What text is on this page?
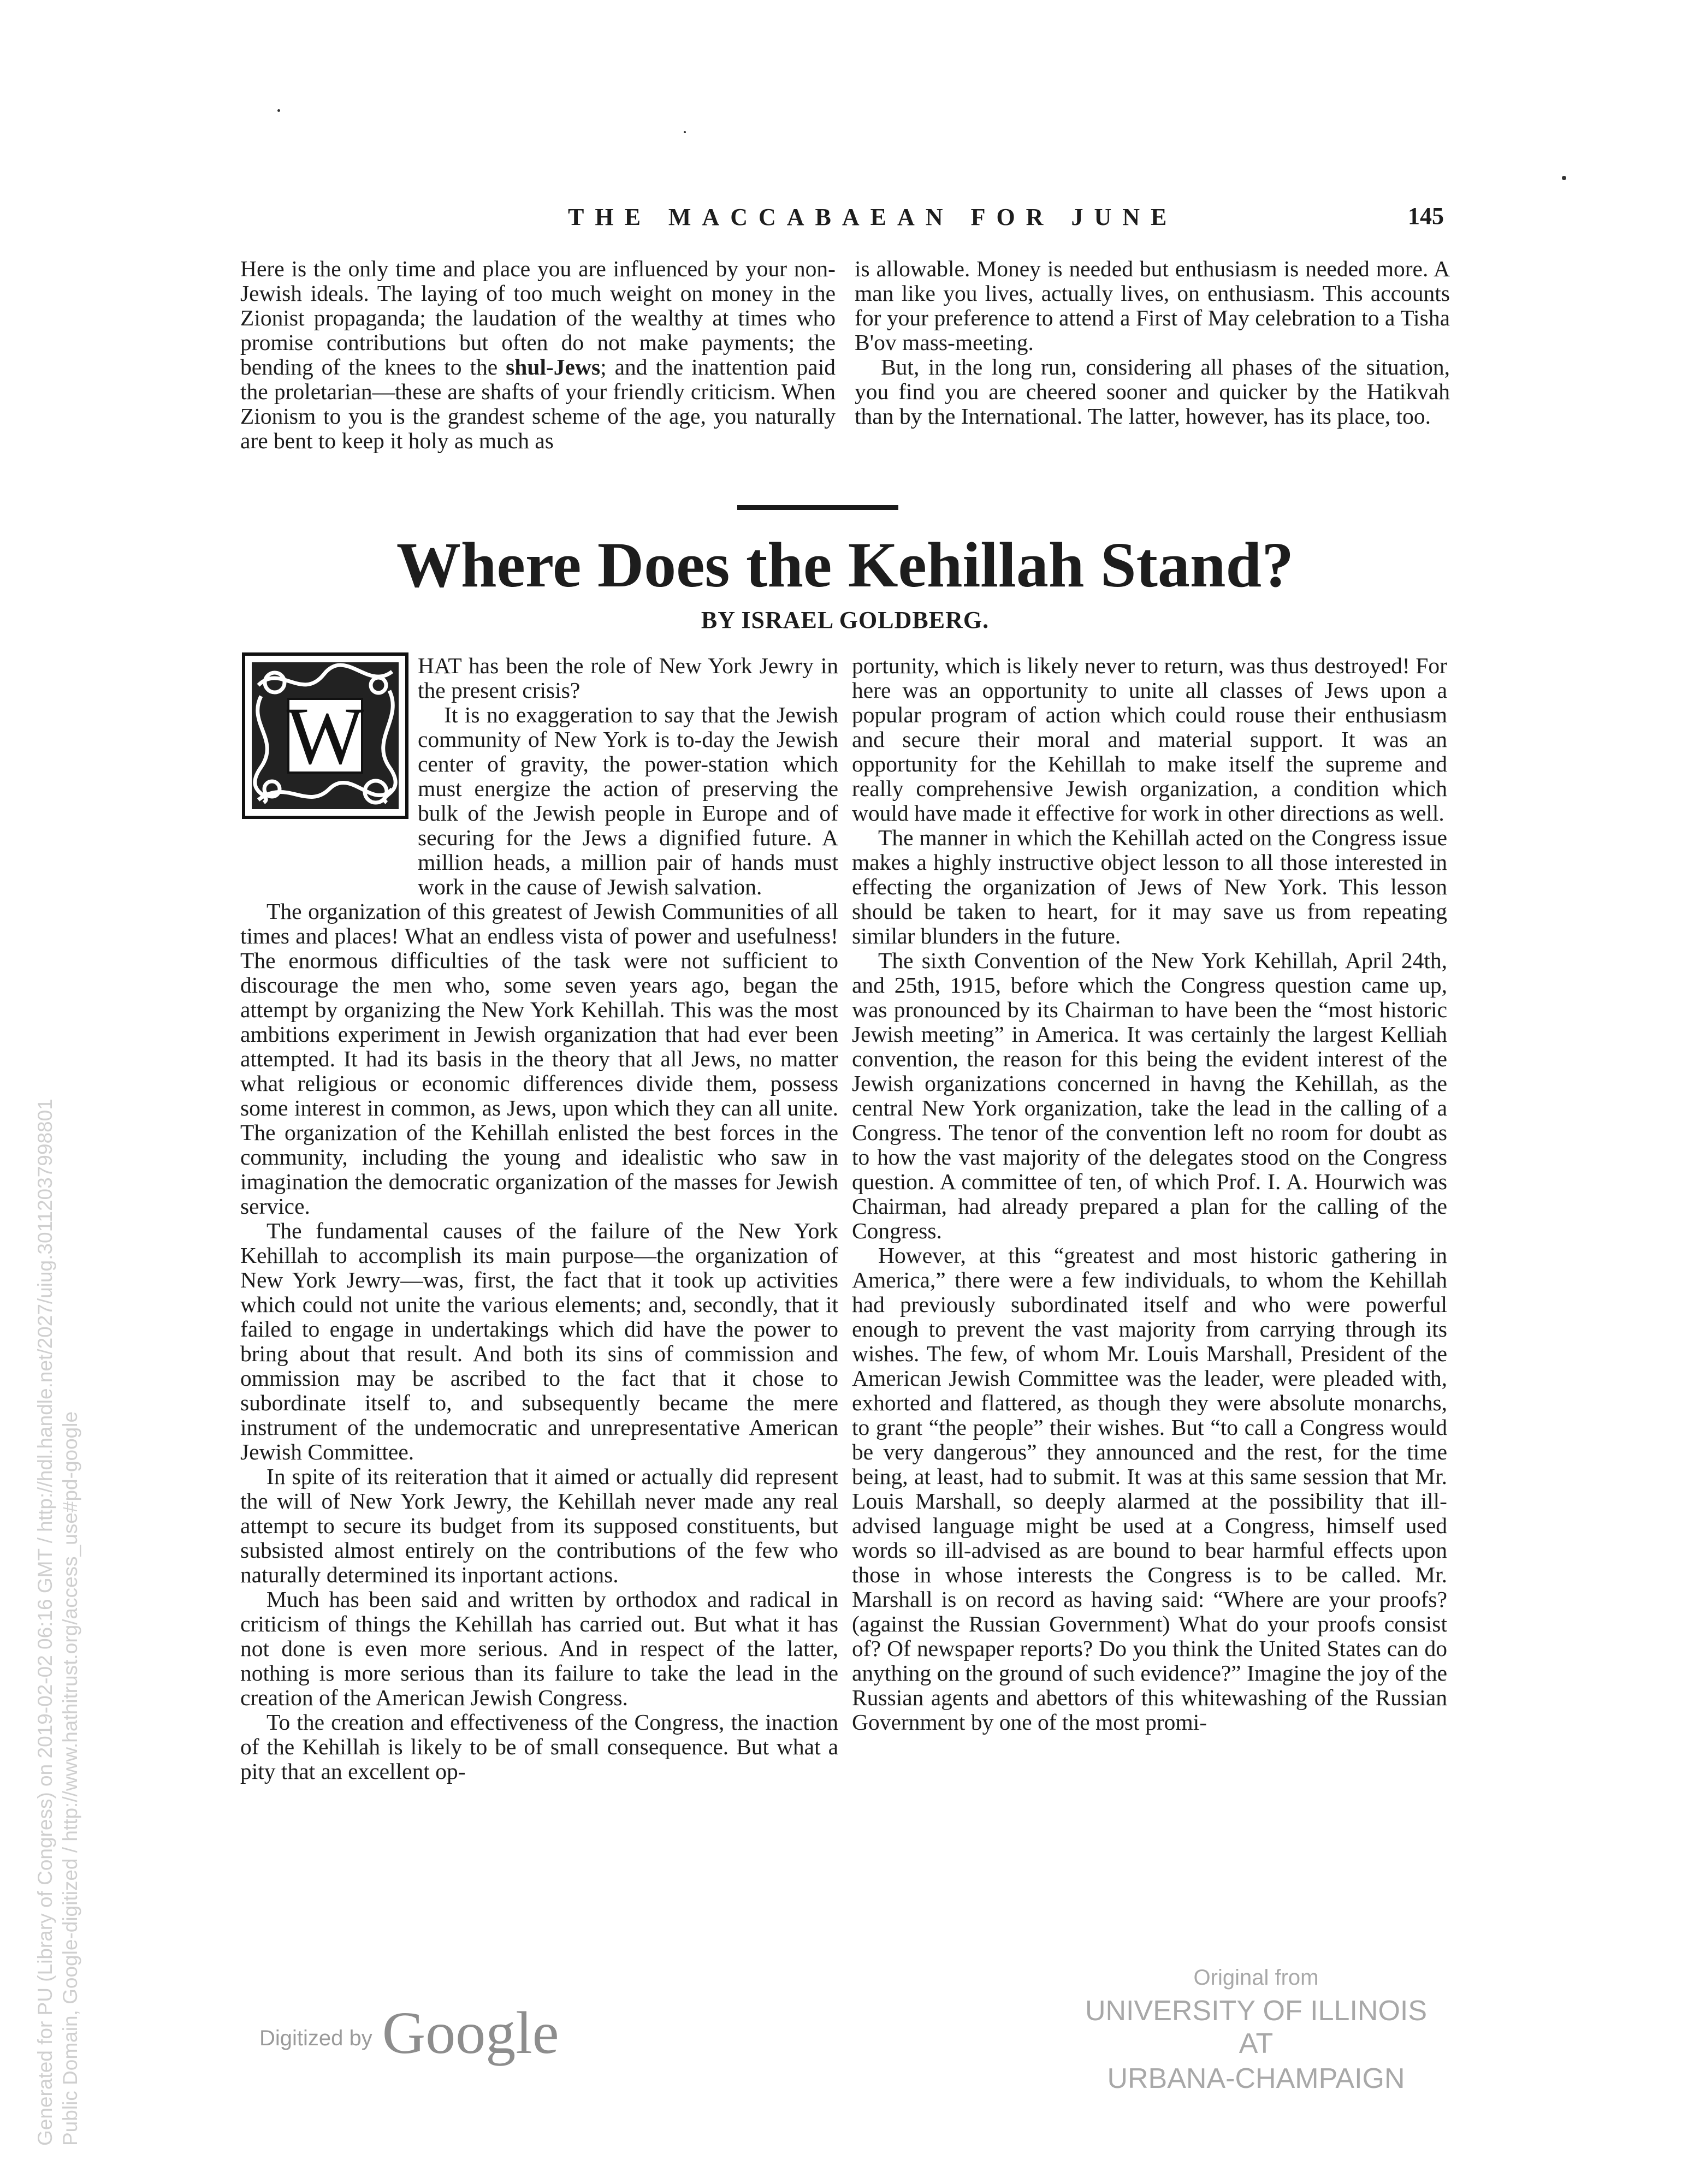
THE MACCABAEAN FOR JUNE	145

Here is the only time and place you are influenced by your non-Jewish ideals. The laying of too much weight on money in the Zionist propaganda; the laudation of the wealthy at times who promise contributions but often do not make payments; the bending of the knees to the shul-Jews; and the inattention paid the proletarian—these are shafts of your friendly criticism. When Zionism to you is the grandest scheme of the age, you naturally are bent to keep it holy as much as

is allowable. Money is needed but enthusiasm is needed more. A man like you lives, actually lives, on enthusiasm. This accounts for your preference to attend a First of May celebration to a Tisha B'ov mass-meeting.

But, in the long run, considering all phases of the situation, you find you are cheered sooner and quicker by the Hatikvah than by the International. The latter, however, has its place, too.

Where Does the Kehillah Stand?
BY ISRAEL GOLDBERG.
W

HAT has been the role of New York Jewry in the present crisis?

It is no exaggeration to say that the Jewish community of New York is to-day the Jewish center of gravity, the power-station which must energize the action of preserving the bulk of the Jewish people in Europe and of securing for the Jews a dignified future. A million heads, a million pair of hands must work in the cause of Jewish salvation.

The organization of this greatest of Jewish Communities of all times and places! What an endless vista of power and usefulness! The enormous difficulties of the task were not sufficient to discourage the men who, some seven years ago, began the attempt by organizing the New York Kehillah. This was the most ambitions experiment in Jewish organization that had ever been attempted. It had its basis in the theory that all Jews, no matter what religious or economic differences divide them, possess some interest in common, as Jews, upon which they can all unite. The organization of the Kehillah enlisted the best forces in the community, including the young and idealistic who saw in imagination the democratic organization of the masses for Jewish service.

The fundamental causes of the failure of the New York Kehillah to accomplish its main purpose—the organization of New York Jewry—was, first, the fact that it took up activities which could not unite the various elements; and, secondly, that it failed to engage in undertakings which did have the power to bring about that result. And both its sins of commission and ommission may be ascribed to the fact that it chose to subordinate itself to, and subsequently became the mere instrument of the undemocratic and unrepresentative American Jewish Committee.

In spite of its reiteration that it aimed or actually did represent the will of New York Jewry, the Kehillah never made any real attempt to secure its budget from its supposed constituents, but subsisted almost entirely on the contributions of the few who naturally determined its inportant actions.

Much has been said and written by orthodox and radical in criticism of things the Kehillah has carried out. But what it has not done is even more serious. And in respect of the latter, nothing is more serious than its failure to take the lead in the creation of the American Jewish Congress.

To the creation and effectiveness of the Congress, the inaction of the Kehillah is likely to be of small consequence. But what a pity that an excellent op-

portunity, which is likely never to return, was thus destroyed! For here was an opportunity to unite all classes of Jews upon a popular program of action which could rouse their enthusiasm and secure their moral and material support. It was an opportunity for the Kehillah to make itself the supreme and really comprehensive Jewish organization, a condition which would have made it effective for work in other directions as well.

The manner in which the Kehillah acted on the Congress issue makes a highly instructive object lesson to all those interested in effecting the organization of Jews of New York. This lesson should be taken to heart, for it may save us from repeating similar blunders in the future.

The sixth Convention of the New York Kehillah, April 24th, and 25th, 1915, before which the Congress question came up, was pronounced by its Chairman to have been the “most historic Jewish meeting” in America. It was certainly the largest Kelliah convention, the reason for this being the evident interest of the Jewish organizations concerned in havng the Kehillah, as the central New York organization, take the lead in the calling of a Congress. The tenor of the convention left no room for doubt as to how the vast majority of the delegates stood on the Congress question. A committee of ten, of which Prof. I. A. Hourwich was Chairman, had already prepared a plan for the calling of the Congress.

However, at this “greatest and most historic gathering in America,” there were a few individuals, to whom the Kehillah had previously subordinated itself and who were powerful enough to prevent the vast majority from carrying through its wishes. The few, of whom Mr. Louis Marshall, President of the American Jewish Committee was the leader, were pleaded with, exhorted and flattered, as though they were absolute monarchs, to grant “the people” their wishes. But “to call a Congress would be very dangerous” they announced and the rest, for the time being, at least, had to submit. It was at this same session that Mr. Louis Marshall, so deeply alarmed at the possibility that ill-advised language might be used at a Congress, himself used words so ill-advised as are bound to bear harmful effects upon those in whose interests the Congress is to be called. Mr. Marshall is on record as having said: “Where are your proofs? (against the Russian Government) What do your proofs consist of? Of newspaper reports? Do you think the United States can do anything on the ground of such evidence?” Imagine the joy of the Russian agents and abettors of this whitewashing of the Russian Government by one of the most promi-

Digitized by Google
Original from
UNIVERSITY OF ILLINOIS AT
URBANA-CHAMPAIGN
Generated for PU (Library of Congress) on 2019-02-02 06:16 GMT / http://hdl.handle.net/2027/uiug.30112037998801 Public Domain, Google-digitized / http://www.hathitrust.org/access_use#pd-google
